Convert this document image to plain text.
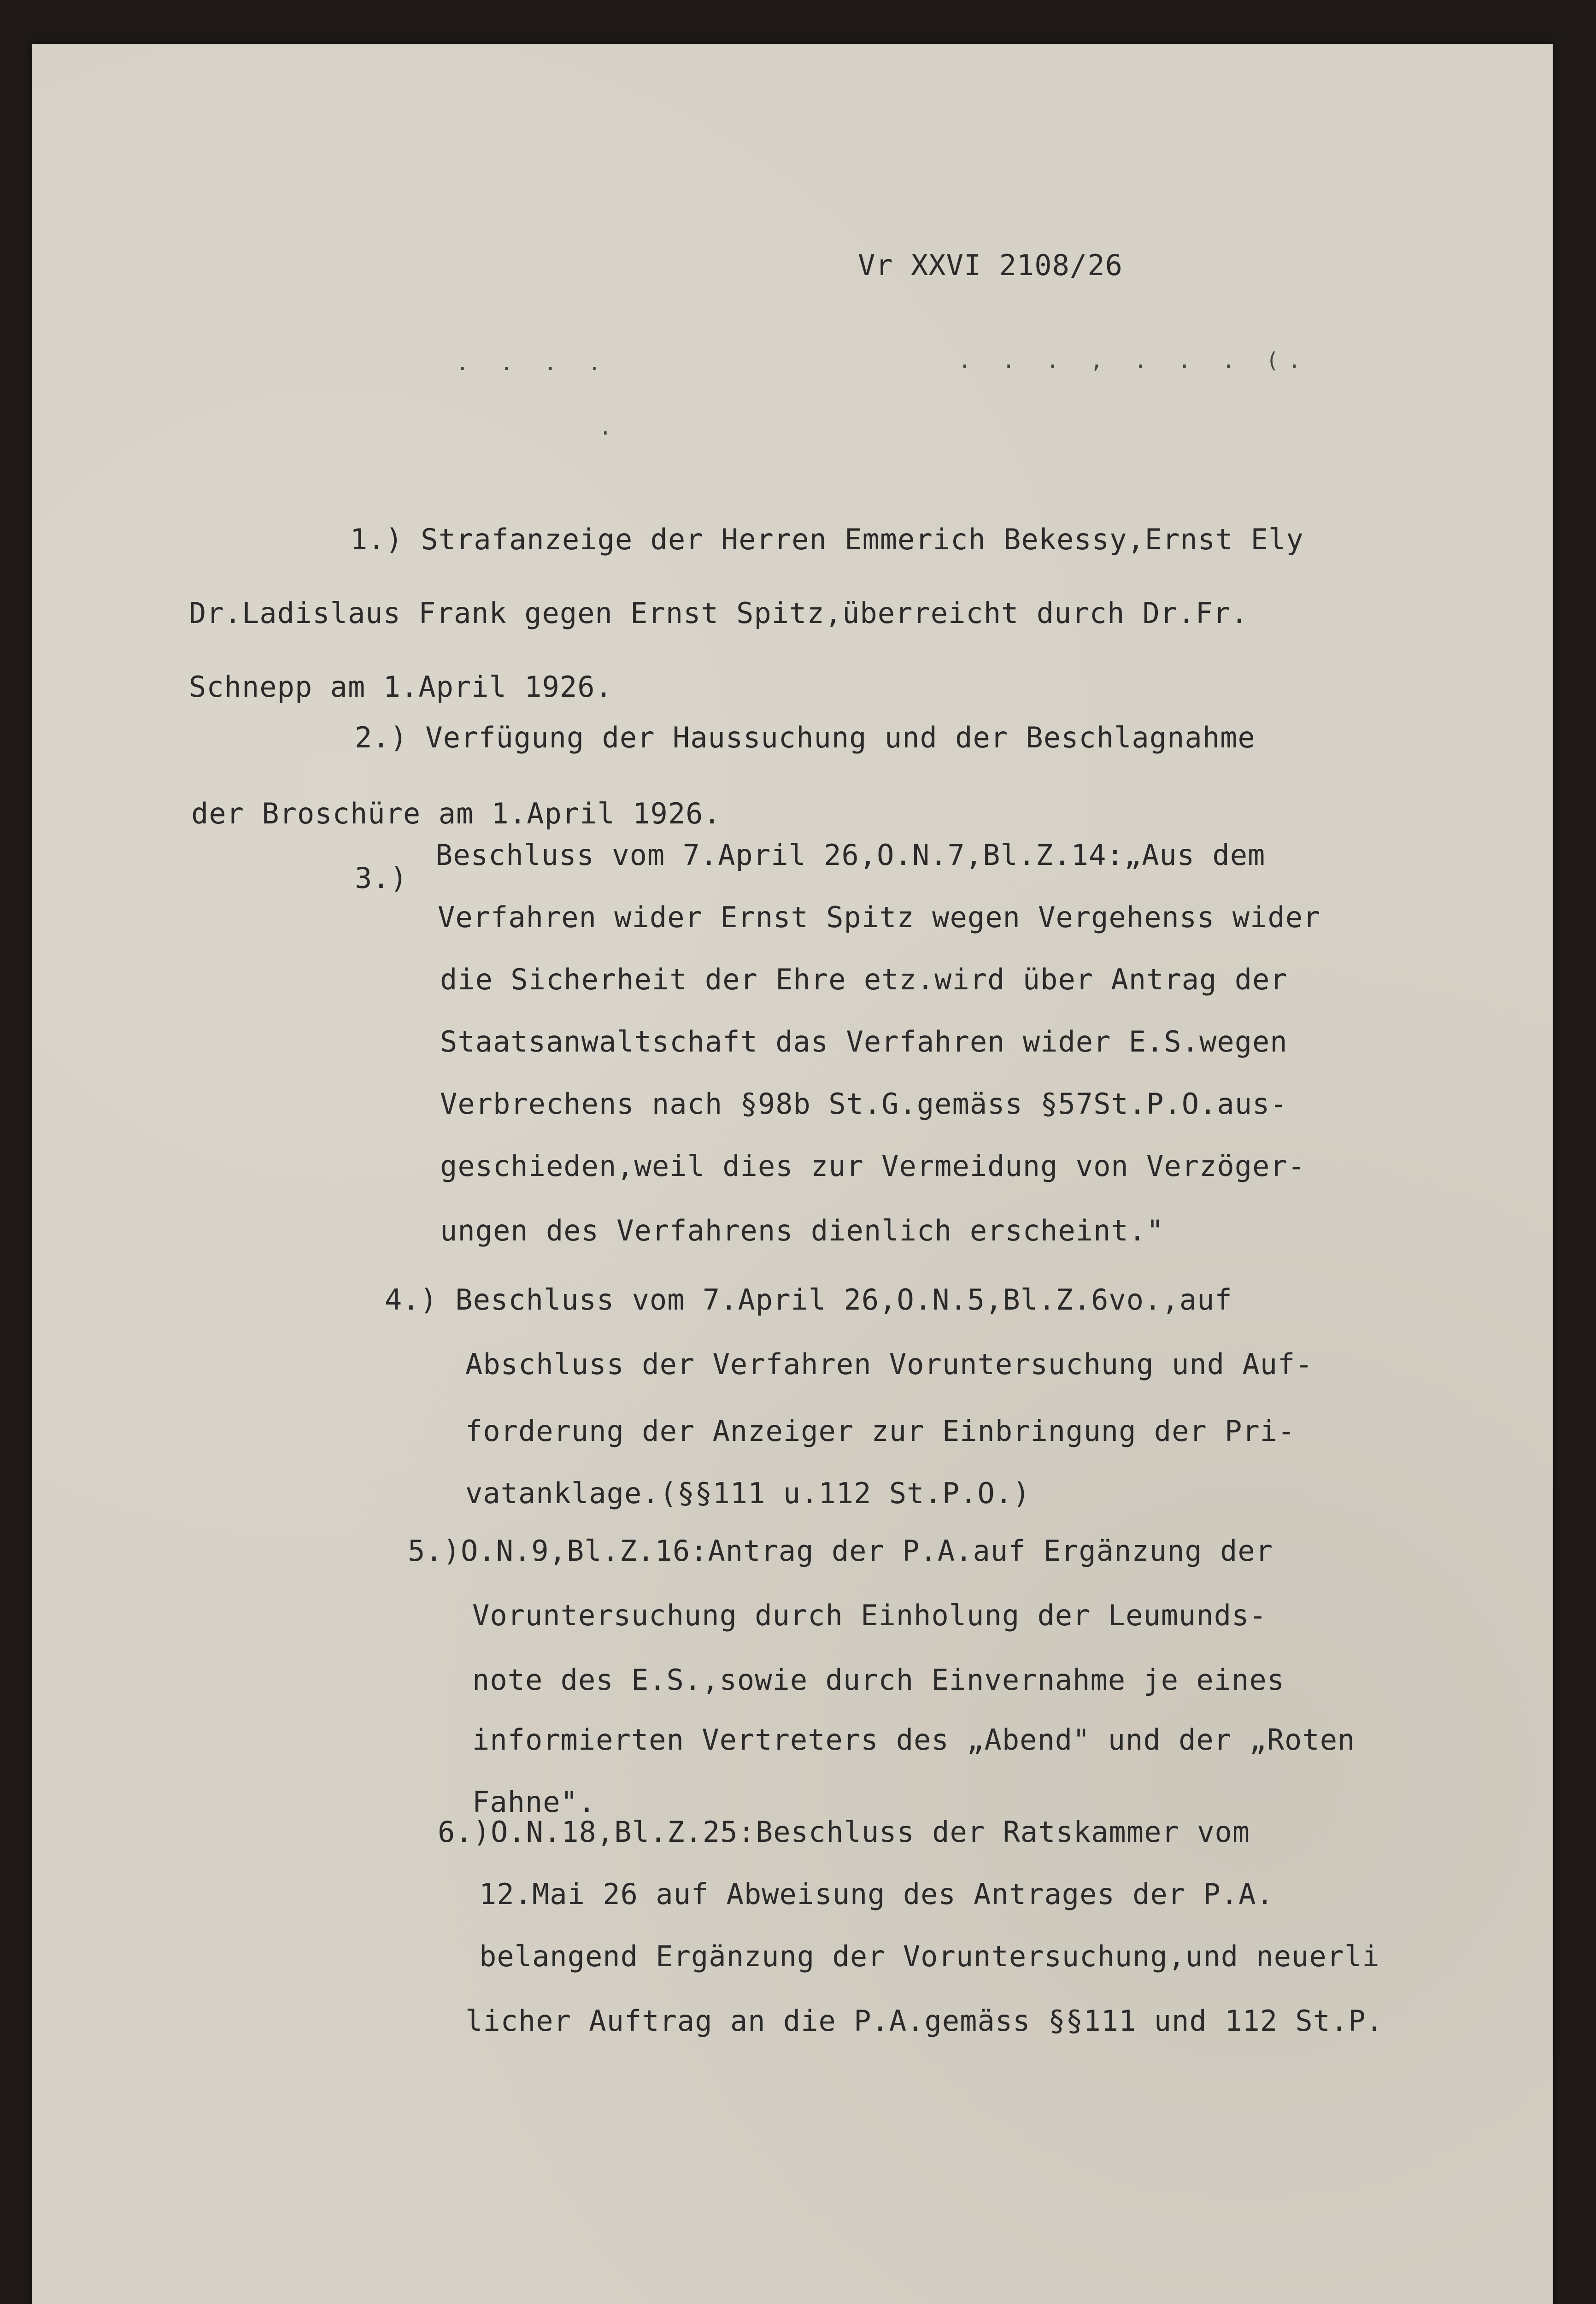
Vr XXVI 2108/26
. . . .	. . . , . . . (.
.
1.) Strafanzeige der Herren Emmerich Bekessy,Ernst Ely
Dr.Ladislaus Frank gegen Ernst Spitz,überreicht durch Dr.Fr.
Schnepp am 1.April 1926.
2.) Verfügung der Haussuchung und der Beschlagnahme
der Broschüre am 1.April 1926.
3.)
Beschluss vom 7.April 26,O.N.7,Bl.Z.14:„Aus dem
Verfahren wider Ernst Spitz wegen Vergehenss wider
die Sicherheit der Ehre etz.wird über Antrag der
Staatsanwaltschaft das Verfahren wider E.S.wegen
Verbrechens nach §98b St.G.gemäss §57St.P.O.aus-
geschieden,weil dies zur Vermeidung von Verzöger-
ungen des Verfahrens dienlich erscheint."
4.) Beschluss vom 7.April 26,O.N.5,Bl.Z.6vo.,auf
Abschluss der Verfahren Voruntersuchung und Auf-
forderung der Anzeiger zur Einbringung der Pri-
vatanklage.(§§111 u.112 St.P.O.)
5.)O.N.9,Bl.Z.16:Antrag der P.A.auf Ergänzung der
Voruntersuchung durch Einholung der Leumunds-
note des E.S.,sowie durch Einvernahme je eines
informierten Vertreters des „Abend" und der „Roten
Fahne".
6.)O.N.18,Bl.Z.25:Beschluss der Ratskammer vom
12.Mai 26 auf Abweisung des Antrages der P.A.
belangend Ergänzung der Voruntersuchung,und neuerli
licher Auftrag an die P.A.gemäss §§111 und 112 St.P.
